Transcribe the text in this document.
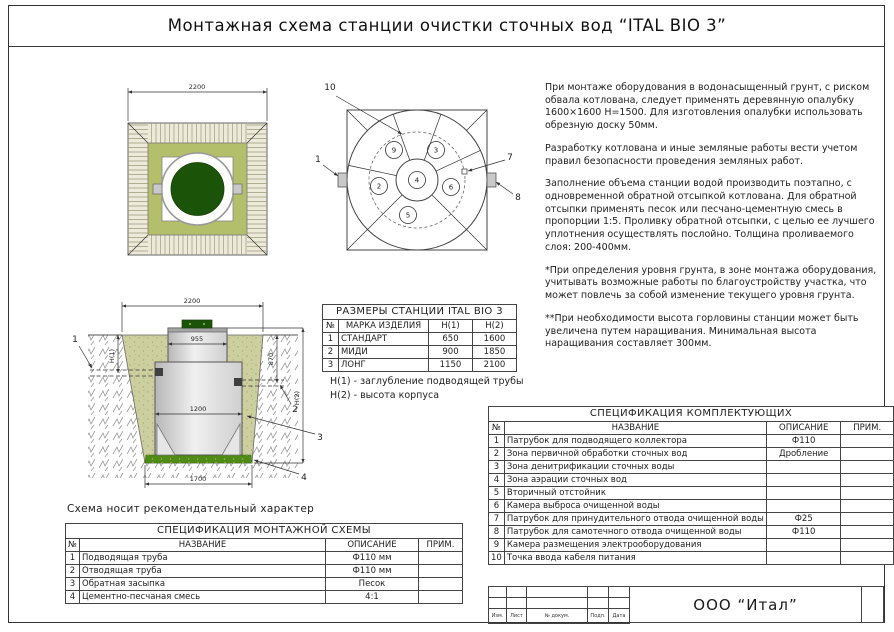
Монтажная схема станции очистки сточных вод “ITAL BIO 3”
2200
9	3
2
4
6
5
10
1	7
8
2200
955
1200
1700
Н(1)	870
Н(2)
1
2
3
4

При монтаже оборудования в водонасыщенный грунт, с риском обвала котлована, следует применять деревянную опалубку 1600×1600 Н=1500. Для изготовления опалубки использовать обрезную доску 50мм.

Разработку котлована и иные земляные работы вести учетом правил безопасности проведения земляных работ.

Заполнение объема станции водой производить поэтапно, с одновременной обратной отсыпкой котлована. Для обратной отсыпки применять песок или песчано-цементную смесь в пропорции 1:5. Проливку обратной отсыпки, с целью ее лучшего уплотнения осуществлять послойно. Толщина проливаемого слоя: 200-400мм.

*При определения уровня грунта, в зоне монтажа оборудования, учитывать возможные работы по благоустройству участка, что может повлечь за собой изменение текущего уровня грунта.

**При необходимости высота горловины станции может быть увеличена путем наращивания. Минимальная высота наращивания составляет 300мм.

РАЗМЕРЫ СТАНЦИИ ITAL BIO 3			
№	МАРКА ИЗДЕЛИЯ	Н(1)	Н(2)
1	СТАНДАРТ	650	1600
2	МИДИ	900	1850
3	ЛОНГ	1150	2100
Н(1) - заглубление подводящей трубы
Н(2) - высота корпуса
СПЕЦИФИКАЦИЯ КОМПЛЕКТУЮЩИХ			
№	НАЗВАНИЕ	ОПИСАНИЕ	ПРИМ.
1	Патрубок для подводящего коллектора	Ф110	
2	Зона первичной обработки сточных вод	Дробление	
3	Зона денитрификации сточных воды		
4	Зона аэрации сточных вод		
5	Вторичный отстойник		
6	Камера выброса очищенной воды		
7	Патрубок для принудительного отвода очищенной воды	Ф25	
8	Патрубок для самотечного отвода очищенной воды	Ф110	
9	Камера размещения электрооборудования		
10	Точка ввода кабеля питания		
Схема носит рекомендательный характер
СПЕЦИФИКАЦИЯ МОНТАЖНОЙ СХЕМЫ			
№	НАЗВАНИЕ	ОПИСАНИЕ	ПРИМ.
1	Подводящая труба	Ф110 мм	
2	Отводящая труба	Ф110 мм	
3	Обратная засыпка	Песок	
4	Цементно-песчаная смесь	4:1	

Изм.	Лист	№ докум.	Подп.	Дата
ООО “Итал”
